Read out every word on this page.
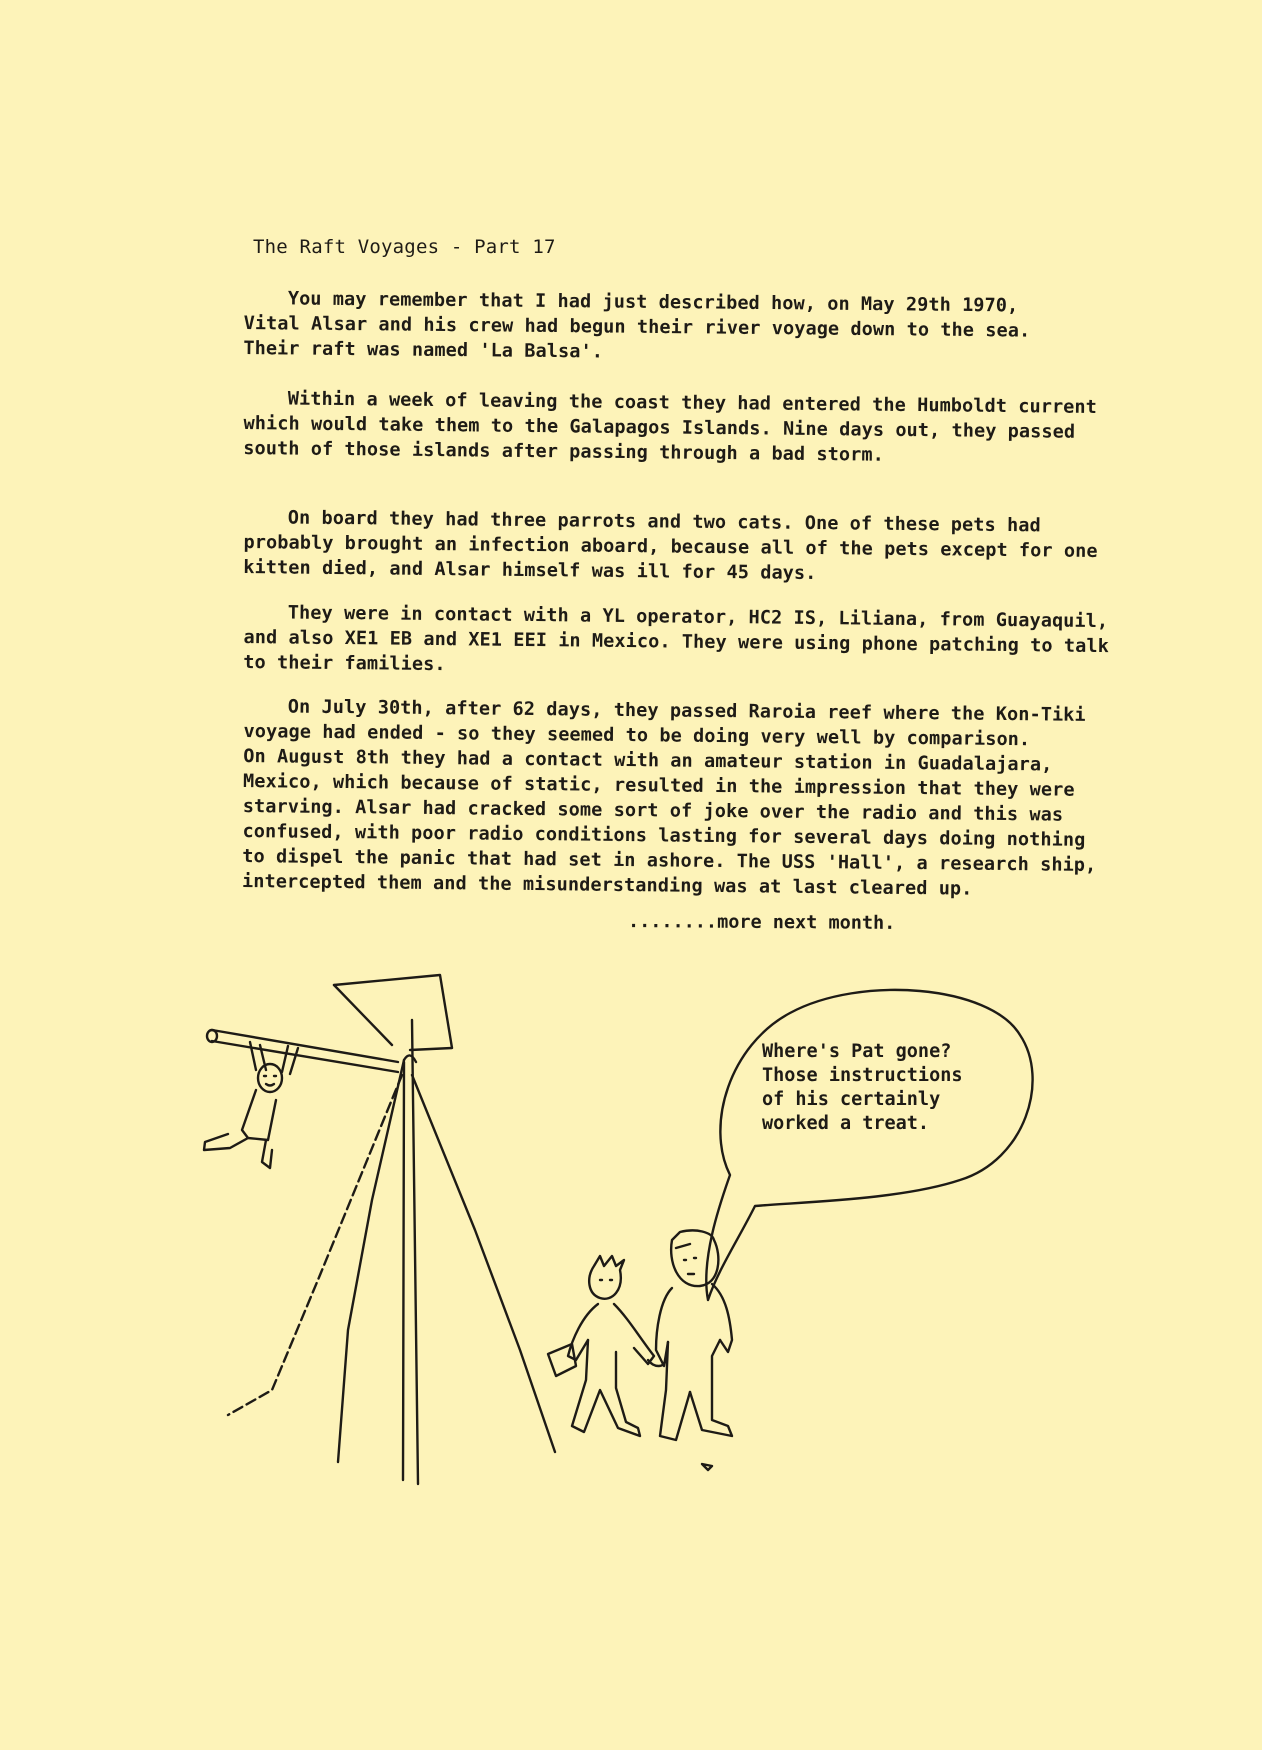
The Raft Voyages - Part 17

You may remember that I had just described how, on May 29th 1970,
Vital Alsar and his crew had begun their river voyage down to the sea.
Their raft was named 'La Balsa'.

Within a week of leaving the coast they had entered the Humboldt current
which would take them to the Galapagos Islands. Nine days out, they passed
south of those islands after passing through a bad storm.

On board they had three parrots and two cats. One of these pets had
probably brought an infection aboard, because all of the pets except for one
kitten died, and Alsar himself was ill for 45 days.

They were in contact with a YL operator, HC2 IS, Liliana, from Guayaquil,
and also XE1 EB and XE1 EEI in Mexico. They were using phone patching to talk
to their families.

On July 30th, after 62 days, they passed Raroia reef where the Kon-Tiki
voyage had ended - so they seemed to be doing very well by comparison.
On August 8th they had a contact with an amateur station in Guadalajara,
Mexico, which because of static, resulted in the impression that they were
starving. Alsar had cracked some sort of joke over the radio and this was
confused, with poor radio conditions lasting for several days doing nothing
to dispel the panic that had set in ashore. The USS 'Hall', a research ship,
intercepted them and the misunderstanding was at last cleared up.

........more next month.
Where's Pat gone?
Those instructions
of his certainly
worked a treat.
